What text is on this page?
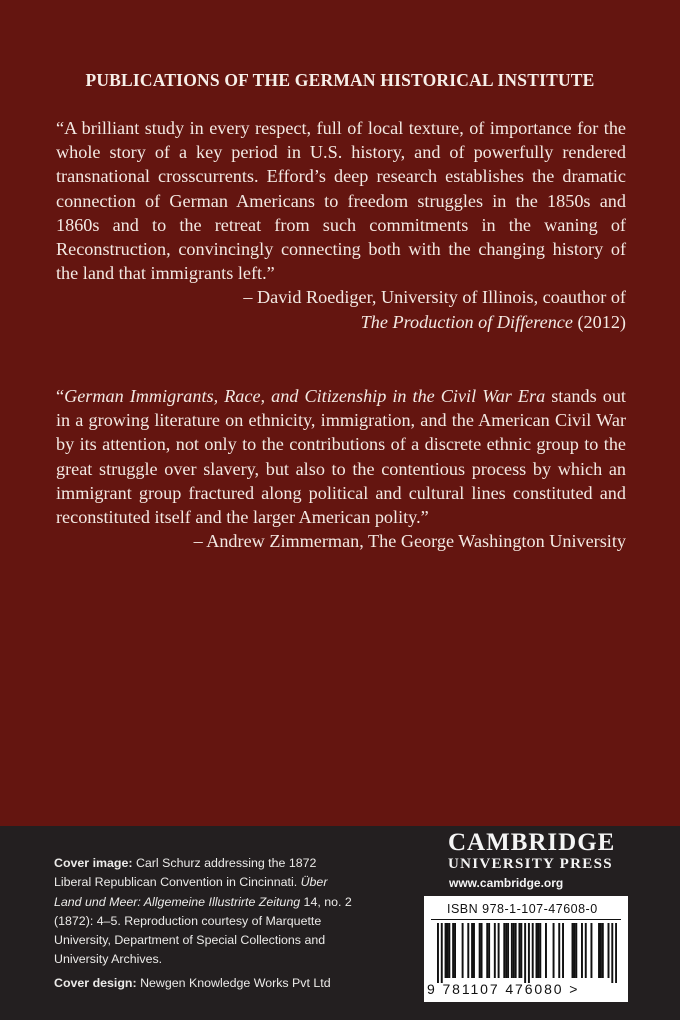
PUBLICATIONS OF THE GERMAN HISTORICAL INSTITUTE

“A brilliant study in every respect, full of local texture, of importance for the whole story of a key period in U.S. history, and of powerfully rendered transnational crosscurrents. Efford’s deep research establishes the dramatic connection of German Americans to freedom struggles in the 1850s and 1860s and to the retreat from such commitments in the waning of Reconstruction, convincingly connecting both with the changing history of the land that immigrants left.”

– David Roediger, University of Illinois, coauthor of
The Production of Difference (2012)

“German Immigrants, Race, and Citizenship in the Civil War Era stands out in a growing literature on ethnicity, immigration, and the American Civil War by its attention, not only to the contributions of a discrete ethnic group to the great struggle over slavery, but also to the contentious process by which an immigrant group fractured along political and cultural lines constituted and reconstituted itself and the larger American polity.”

– Andrew Zimmerman, The George Washington University

Cover image: Carl Schurz addressing the 1872 Liberal Republican Convention in Cincinnati. Über Land und Meer: Allgemeine Illustrirte Zeitung 14, no. 2 (1872): 4–5. Reproduction courtesy of Marquette University, Department of Special Collections and University Archives.

Cover design: Newgen Knowledge Works Pvt Ltd

CAMBRIDGE
UNIVERSITY PRESS
www.cambridge.org
ISBN 978-1-107-47608-0
9 781107 476080 >
